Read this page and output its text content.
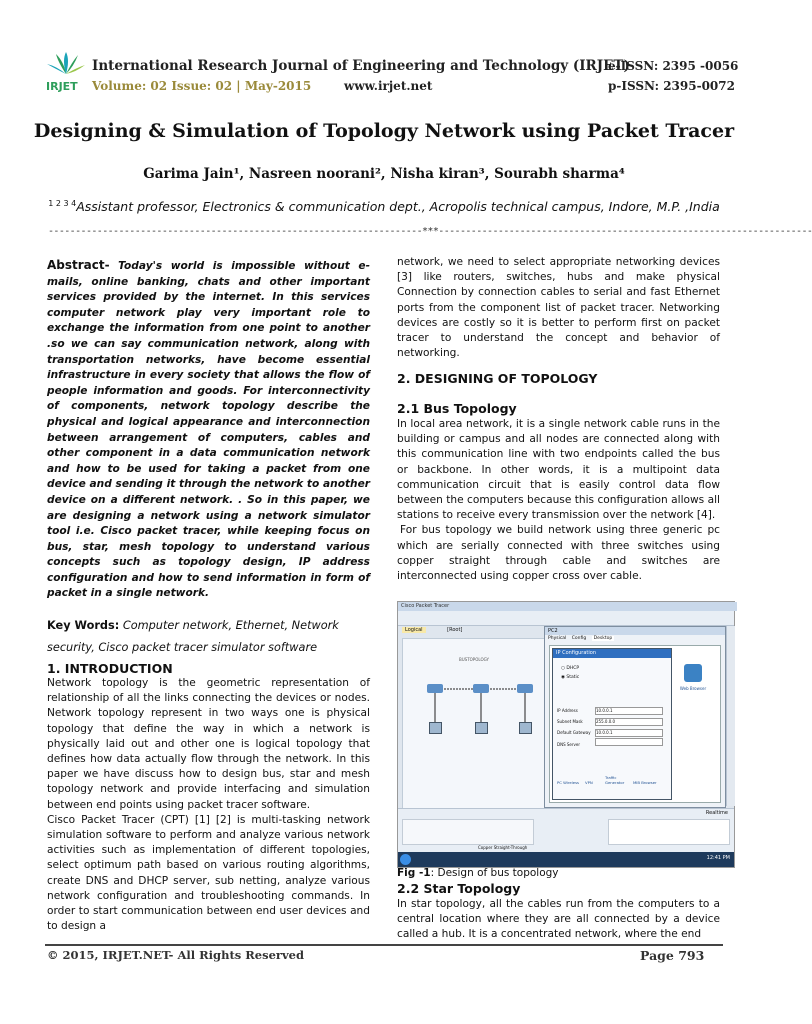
IRJET
International Research Journal of Engineering and Technology (IRJET)
Volume: 02 Issue: 02 | May-2015	www.irjet.net
e-ISSN: 2395 -0056
p-ISSN: 2395-0072
Designing & Simulation of Topology Network using Packet Tracer
Garima Jain¹, Nasreen noorani², Nisha kiran³, Sourabh sharma⁴
$^{1 2 3 4}$Assistant professor, Electronics & communication dept., Acropolis technical campus, Indore, M.P. ,India
---------------------------------------------------------------------***---------------------------------------------------------------------
Abstract- Today's world is impossible without e-mails, online banking, chats and other important services provided by the internet. In this services computer network play very important role to exchange the information from one point to another .so we can say communication network, along with transportation networks, have become essential infrastructure in every society that allows the flow of people information and goods. For interconnectivity of components, network topology describe the physical and logical appearance and interconnection between arrangement of computers, cables and other component in a data communication network and how to be used for taking a packet from one device and sending it through the network to another device on a different network. . So in this paper, we are designing a network using a network simulator tool i.e. Cisco packet tracer, while keeping focus on bus, star, mesh topology to understand various concepts such as topology design, IP address configuration and how to send information in form of packet in a single network.
Key Words: Computer network, Ethernet, Network security, Cisco packet tracer simulator software
1. INTRODUCTION
Network topology is the geometric representation of relationship of all the links connecting the devices or nodes. Network topology represent in two ways one is physical topology that define the way in which a network is physically laid out and other one is logical topology that defines how data actually flow through the network. In this paper we have discuss how to design bus, star and mesh topology network and provide interfacing and simulation between end points using packet tracer software.
Cisco Packet Tracer (CPT) [1] [2] is multi-tasking network simulation software to perform and analyze various network activities such as implementation of different topologies, select optimum path based on various routing algorithms, create DNS and DHCP server, sub netting, analyze various network configuration and troubleshooting commands. In order to start communication between end user devices and to design a
network, we need to select appropriate networking devices [3] like routers, switches, hubs and make physical Connection by connection cables to serial and fast Ethernet ports from the component list of packet tracer. Networking devices are costly so it is better to perform first on packet tracer to understand the concept and behavior of networking.
2. DESIGNING OF TOPOLOGY
2.1 Bus Topology
In local area network, it is a single network cable runs in the building or campus and all nodes are connected along with this communication line with two endpoints called the bus or backbone. In other words, it is a multipoint data communication circuit that is easily control data flow between the computers because this configuration allows all stations to receive every transmission over the network [4].
For bus topology we build network using three generic pc which are serially connected with three switches using copper straight through cable and switches are interconnected using copper cross over cable.
Cisco Packet Tracer
Logical	[Root]
BUSTOPOLOGY
PC2
Physical Config Desktop
IP Configuration
○ DHCP
◉ Static
IP Address	10.0.0.1
Subnet Mask	255.0.0.0
Default Gateway 10.0.0.1
DNS Server
PC Wireless VPNTraffic Generator MIB Browser
Web Browser
Realtime
Copper Straight-Through
12:41 PM
Fig -1: Design of bus topology
2.2 Star Topology
In star topology, all the cables run from the computers to a central location where they are all connected by a device called a hub. It is a concentrated network, where the end
© 2015, IRJET.NET- All Rights Reserved	Page 793
